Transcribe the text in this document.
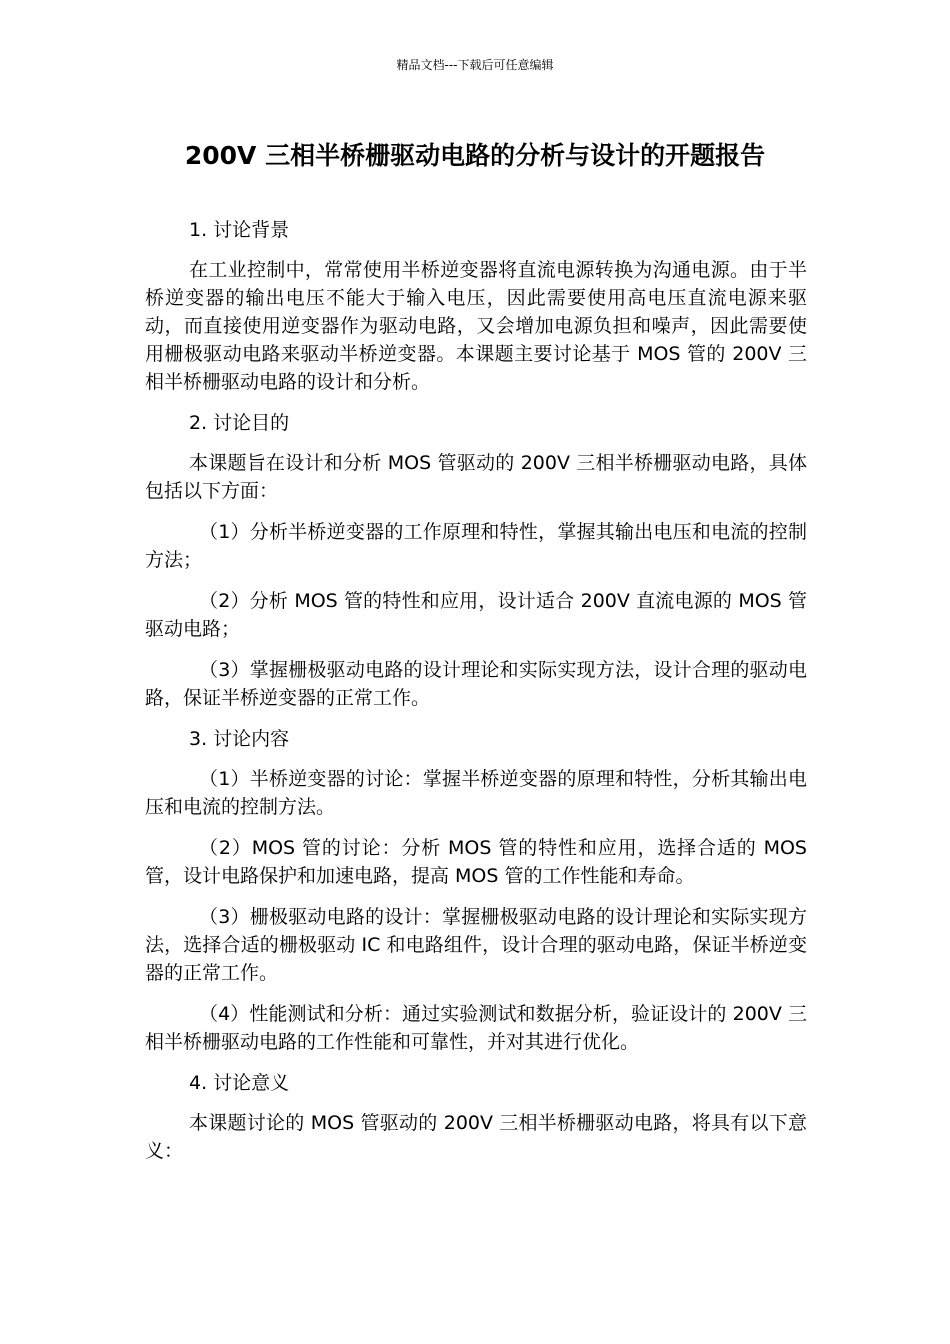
精品文档---下载后可任意编辑
200V 三相半桥栅驱动电路的分析与设计的开题报告

1. 讨论背景

在工业控制中，常常使用半桥逆变器将直流电源转换为沟通电源。由于半桥逆变器的输出电压不能大于输入电压，因此需要使用高电压直流电源来驱动，而直接使用逆变器作为驱动电路，又会增加电源负担和噪声，因此需要使用栅极驱动电路来驱动半桥逆变器。本课题主要讨论基于 MOS 管的 200V 三相半桥栅驱动电路的设计和分析。

2. 讨论目的

本课题旨在设计和分析 MOS 管驱动的 200V 三相半桥栅驱动电路，具体包括以下方面：

（1）分析半桥逆变器的工作原理和特性，掌握其输出电压和电流的控制方法；

（2）分析 MOS 管的特性和应用，设计适合 200V 直流电源的 MOS 管驱动电路；

（3）掌握栅极驱动电路的设计理论和实际实现方法，设计合理的驱动电路，保证半桥逆变器的正常工作。

3. 讨论内容

（1）半桥逆变器的讨论：掌握半桥逆变器的原理和特性，分析其输出电压和电流的控制方法。

（2）MOS 管的讨论：分析 MOS 管的特性和应用，选择合适的 MOS 管，设计电路保护和加速电路，提高 MOS 管的工作性能和寿命。

（3）栅极驱动电路的设计：掌握栅极驱动电路的设计理论和实际实现方法，选择合适的栅极驱动 IC 和电路组件，设计合理的驱动电路，保证半桥逆变器的正常工作。

（4）性能测试和分析：通过实验测试和数据分析，验证设计的 200V 三相半桥栅驱动电路的工作性能和可靠性，并对其进行优化。

4. 讨论意义

本课题讨论的 MOS 管驱动的 200V 三相半桥栅驱动电路，将具有以下意义：
